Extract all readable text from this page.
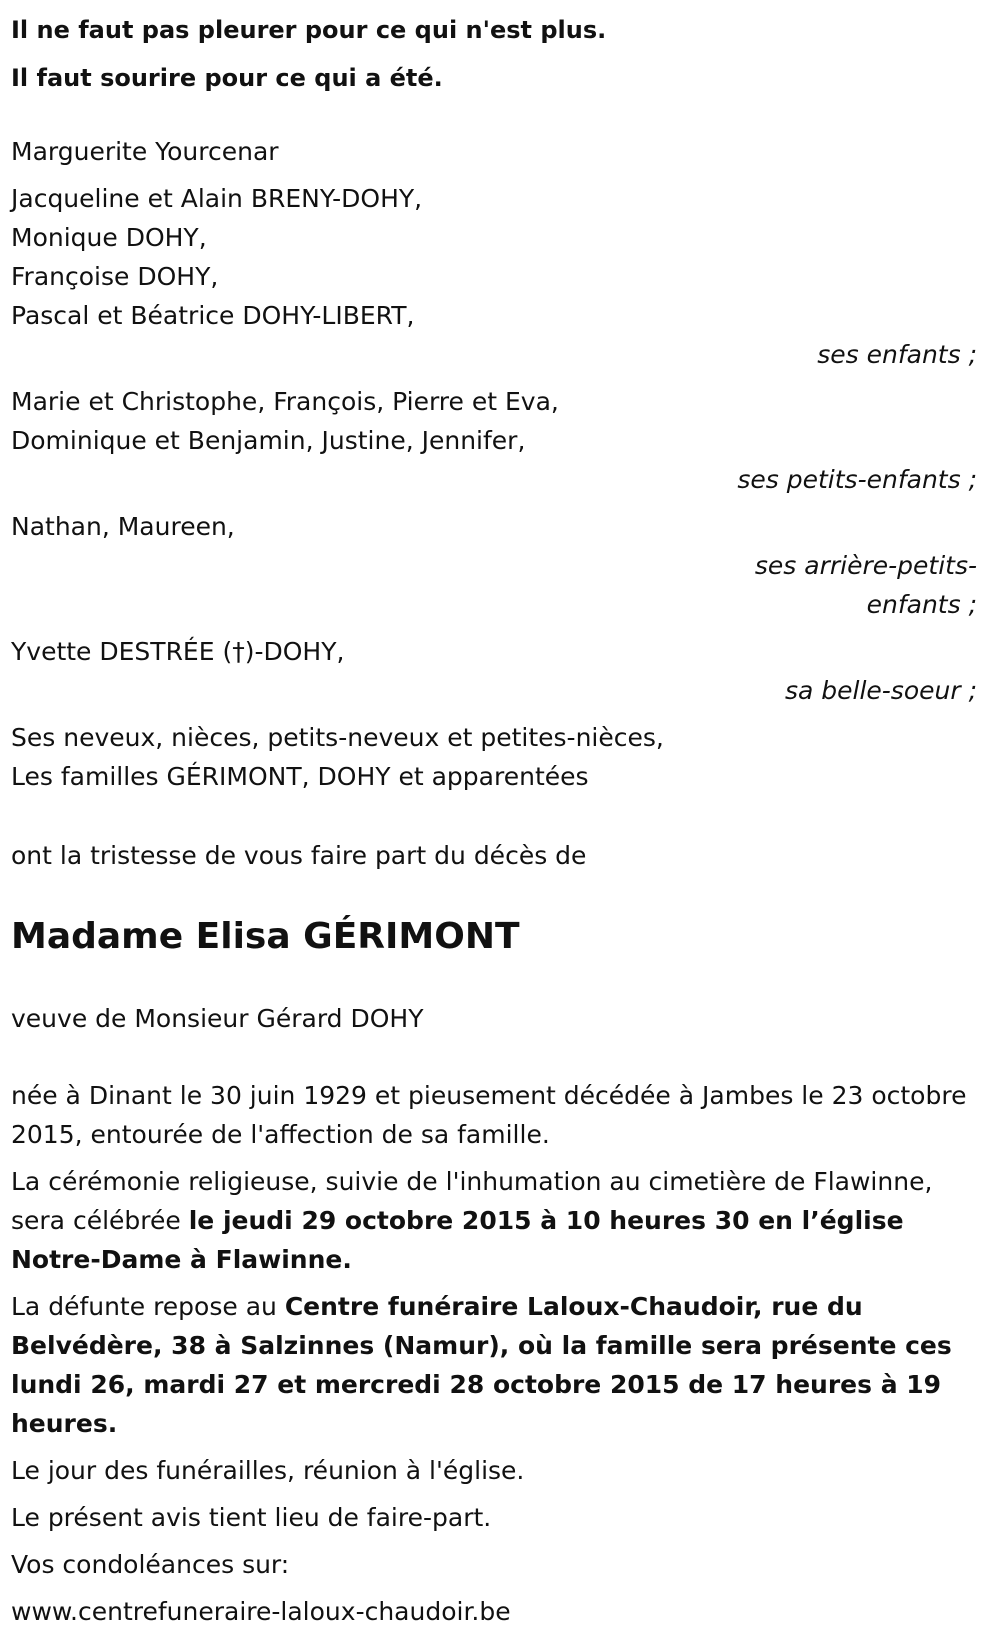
Il ne faut pas pleurer pour ce qui n'est plus.

Il faut sourire pour ce qui a été.

Marguerite Yourcenar

Jacqueline et Alain BRENY-DOHY,

Monique DOHY,

Françoise DOHY,

Pascal et Béatrice DOHY-LIBERT,

ses enfants ;

Marie et Christophe, François, Pierre et Eva,

Dominique et Benjamin, Justine, Jennifer,

ses petits-enfants ;

Nathan, Maureen,

ses arrière-petits-

enfants ;

Yvette DESTRÉE (†)-DOHY,

sa belle-soeur ;

Ses neveux, nièces, petits-neveux et petites-nièces,

Les familles GÉRIMONT, DOHY et apparentées

ont la tristesse de vous faire part du décès de

Madame Elisa GÉRIMONT

veuve de Monsieur Gérard DOHY

née à Dinant le 30 juin 1929 et pieusement décédée à Jambes le 23 octobre 2015, entourée de l'affection de sa famille.

La cérémonie religieuse, suivie de l'inhumation au cimetière de Flawinne, sera célébrée le jeudi 29 octobre 2015 à 10 heures 30 en l’église Notre-Dame à Flawinne.

La défunte repose au Centre funéraire Laloux-Chaudoir, rue du Belvédère, 38 à Salzinnes (Namur), où la famille sera présente ces lundi 26, mardi 27 et mercredi 28 octobre 2015 de 17 heures à 19 heures.

Le jour des funérailles, réunion à l'église.

Le présent avis tient lieu de faire-part.

Vos condoléances sur:

www.centrefuneraire-laloux-chaudoir.be
